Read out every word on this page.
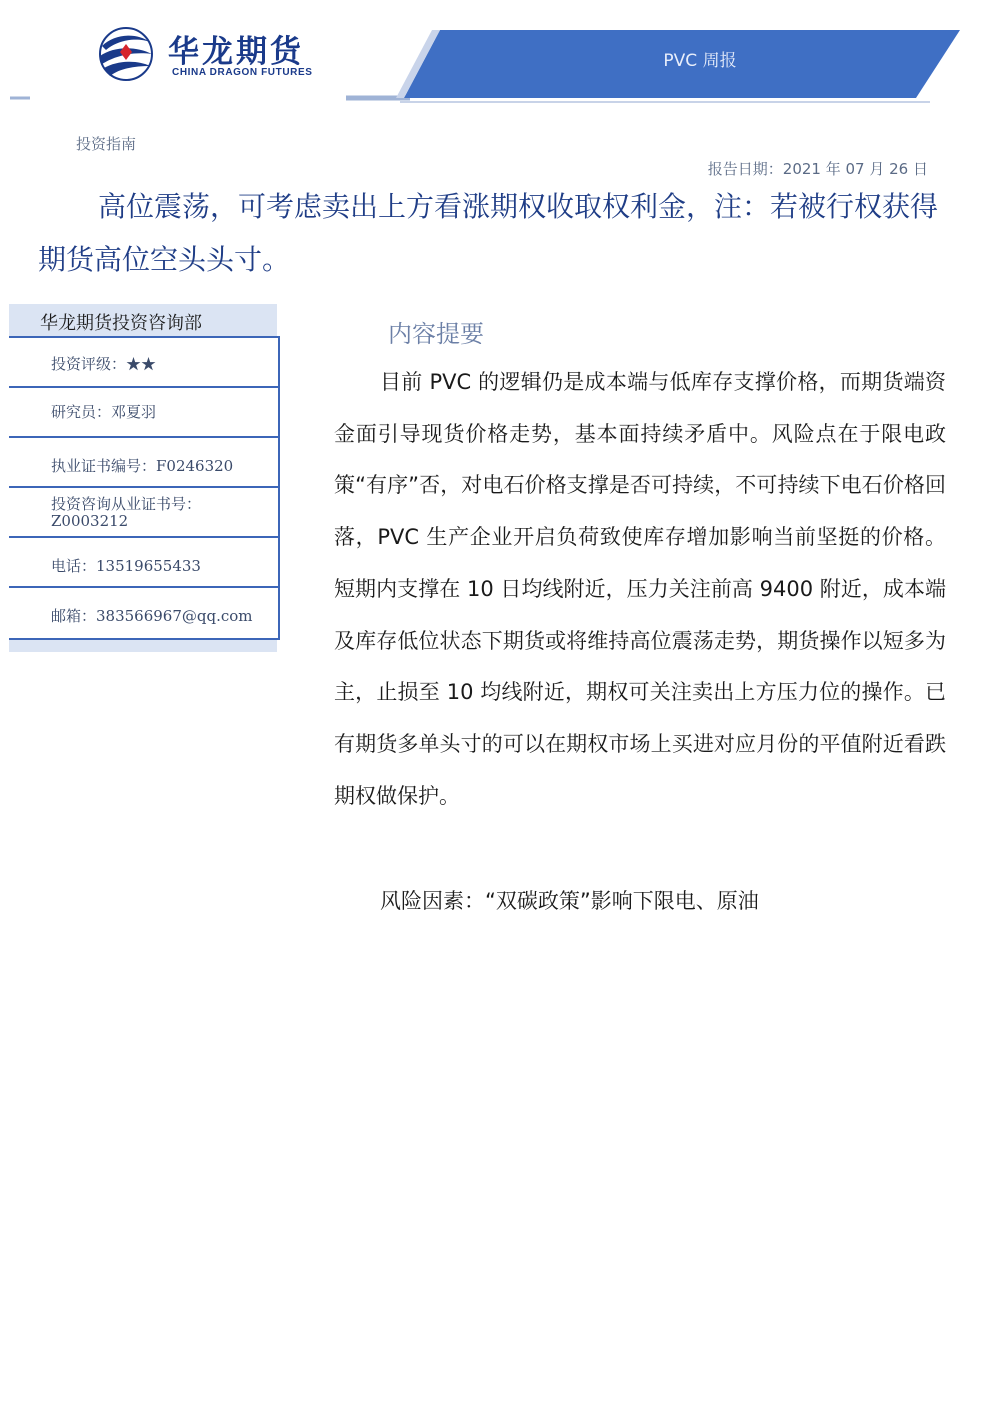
华龙期货
CHINA DRAGON FUTURES
PVC 周报
投资指南
报告日期：2021 年 07 月 26 日
高位震荡，可考虑卖出上方看涨期权收取权利金，注：若被行权获得期货高位空头头寸。
华龙期货投资咨询部
投资评级：★★
研究员：邓夏羽
执业证书编号：F0246320
投资咨询从业证书号：
Z0003212
电话：13519655433
邮箱：383566967@qq.com
内容提要
目前 PVC 的逻辑仍是成本端与低库存支撑价格，而期货端资金面引导现货价格走势，基本面持续矛盾中。风险点在于限电政策“有序”否，对电石价格支撑是否可持续，不可持续下电石价格回落，PVC 生产企业开启负荷致使库存增加影响当前坚挺的价格。短期内支撑在 10 日均线附近，压力关注前高 9400 附近，成本端及库存低位状态下期货或将维持高位震荡走势，期货操作以短多为主，止损至 10 均线附近，期权可关注卖出上方压力位的操作。已有期货多单头寸的可以在期权市场上买进对应月份的平值附近看跌期权做保护。
风险因素：“双碳政策”影响下限电、原油
